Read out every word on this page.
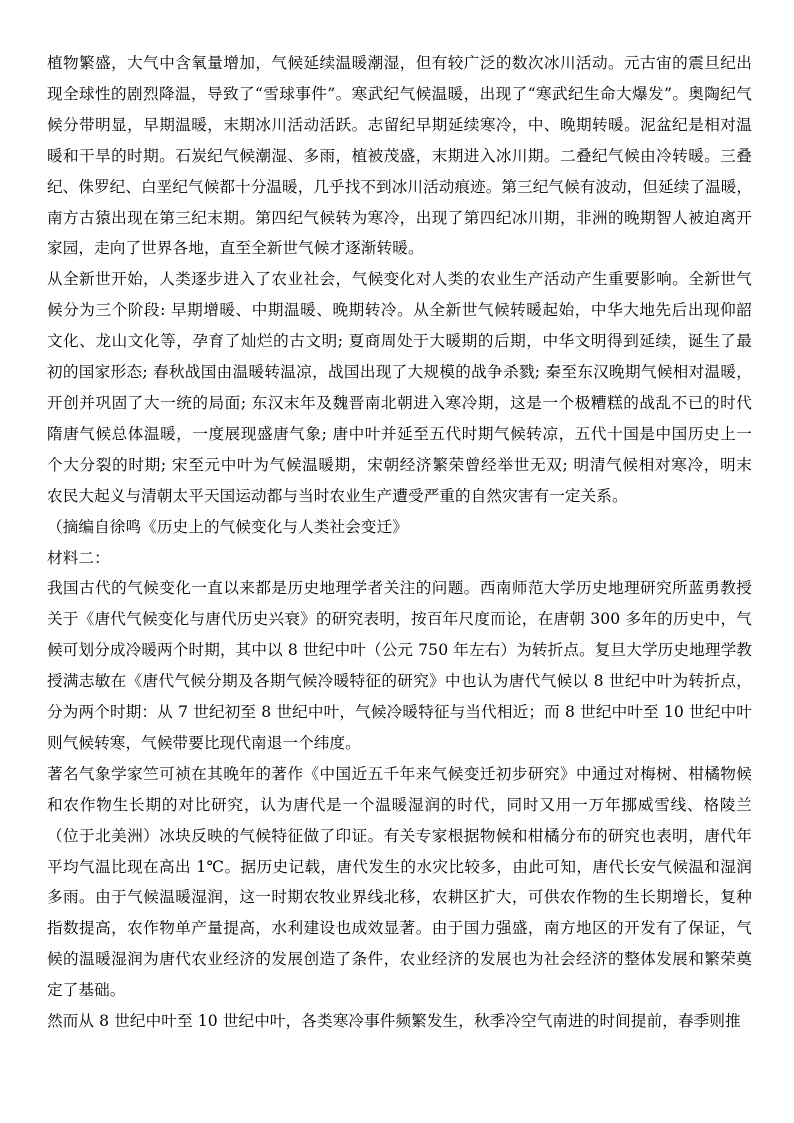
植物繁盛，大气中含氧量增加，气候延续温暖潮湿，但有较广泛的数次冰川活动。元古宙的震旦纪出
现全球性的剧烈降温，导致了“雪球事件”。寒武纪气候温暖，出现了“寒武纪生命大爆发”。奥陶纪气
候分带明显，早期温暖，末期冰川活动活跃。志留纪早期延续寒冷，中、晚期转暖。泥盆纪是相对温
暖和干旱的时期。石炭纪气候潮湿、多雨，植被茂盛，末期进入冰川期。二叠纪气候由冷转暖。三叠
纪、侏罗纪、白垩纪气候都十分温暖，几乎找不到冰川活动痕迹。第三纪气候有波动，但延续了温暖，
南方古猿出现在第三纪末期。第四纪气候转为寒冷，出现了第四纪冰川期，非洲的晚期智人被迫离开
家园，走向了世界各地，直至全新世气候才逐渐转暖。
从全新世开始，人类逐步进入了农业社会，气候变化对人类的农业生产活动产生重要影响。全新世气
候分为三个阶段: 早期增暖、中期温暖、晚期转冷。从全新世气候转暖起始，中华大地先后出现仰韶
文化、龙山文化等，孕育了灿烂的古文明; 夏商周处于大暖期的后期，中华文明得到延续，诞生了最
初的国家形态; 春秋战国由温暖转温凉，战国出现了大规模的战争杀戮; 秦至东汉晚期气候相对温暖，
开创并巩固了大一统的局面; 东汉末年及魏晋南北朝进入寒冷期，这是一个极糟糕的战乱不已的时代
隋唐气候总体温暖，一度展现盛唐气象; 唐中叶并延至五代时期气候转凉，五代十国是中国历史上一
个大分裂的时期; 宋至元中叶为气候温暖期，宋朝经济繁荣曾经举世无双; 明清气候相对寒冷，明末
农民大起义与清朝太平天国运动都与当时农业生产遭受严重的自然灾害有一定关系。
（摘编自徐鸣《历史上的气候变化与人类社会变迁》
材料二：
我国古代的气候变化一直以来都是历史地理学者关注的问题。西南师范大学历史地理研究所蓝勇教授
关于《唐代气候变化与唐代历史兴衰》的研究表明，按百年尺度而论，在唐朝 300 多年的历史中，气
候可划分成冷暖两个时期，其中以 8 世纪中叶（公元 750 年左右）为转折点。复旦大学历史地理学教
授满志敏在《唐代气候分期及各期气候冷暖特征的研究》中也认为唐代气候以 8 世纪中叶为转折点，
分为两个时期：从 7 世纪初至 8 世纪中叶，气候冷暖特征与当代相近；而 8 世纪中叶至 10 世纪中叶
则气候转寒，气候带要比现代南退一个纬度。
著名气象学家竺可祯在其晚年的著作《中国近五千年来气候变迁初步研究》中通过对梅树、柑橘物候
和农作物生长期的对比研究，认为唐代是一个温暖湿润的时代，同时又用一万年挪威雪线、格陵兰
（位于北美洲）冰块反映的气候特征做了印证。有关专家根据物候和柑橘分布的研究也表明，唐代年
平均气温比现在高出 1℃。据历史记载，唐代发生的水灾比较多，由此可知，唐代长安气候温和湿润
多雨。由于气候温暖湿润，这一时期农牧业界线北移，农耕区扩大，可供农作物的生长期增长，复种
指数提高，农作物单产量提高，水利建设也成效显著。由于国力强盛，南方地区的开发有了保证，气
候的温暖湿润为唐代农业经济的发展创造了条件，农业经济的发展也为社会经济的整体发展和繁荣奠
定了基础。
然而从 8 世纪中叶至 10 世纪中叶，各类寒冷事件频繁发生，秋季冷空气南进的时间提前，春季则推
